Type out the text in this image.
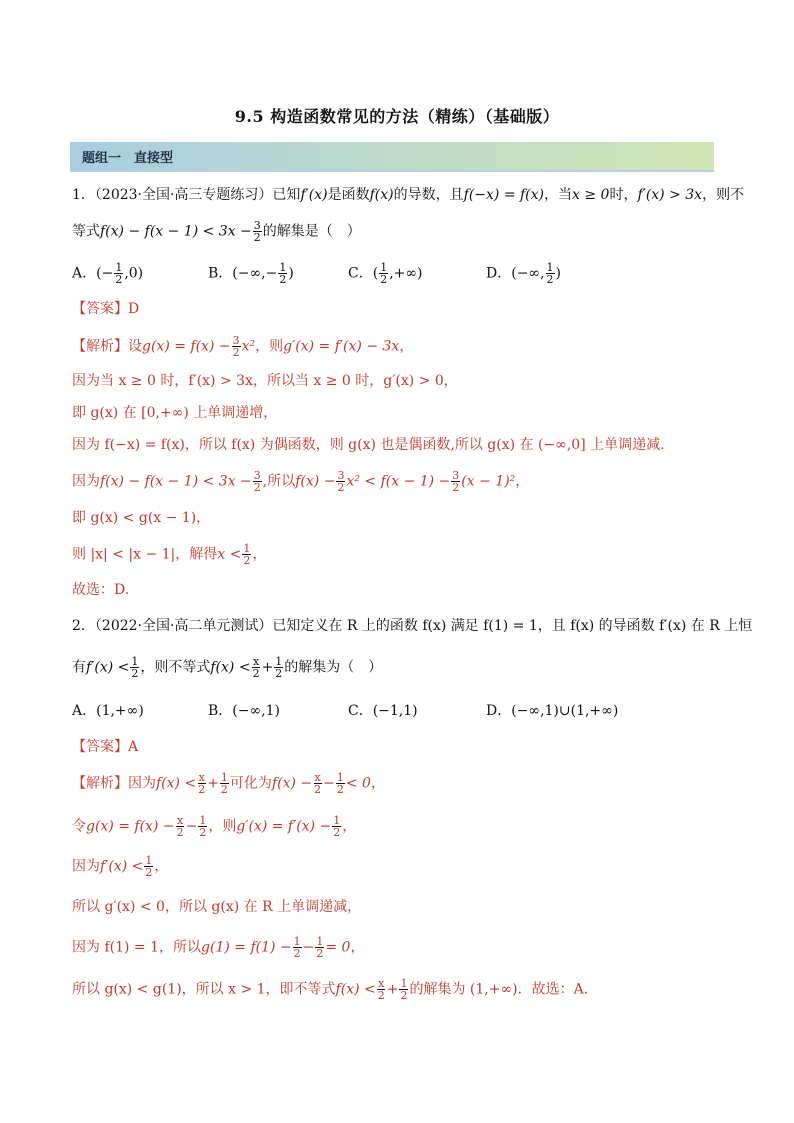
9.5 构造函数常见的方法（精练）（基础版）
题组一　直接型
1．（2023·全国·高三专题练习）已知f′(x)是函数f(x)的导数，且f(−x) = f(x)，当x ≥ 0时，f′(x) > 3x，则不
等式$f(x) - f(x - 1) < 3x - \frac{3}{2}$ 的解集是（　）
A．(− $\frac{1}{2} ,0$)	B．(−∞,− $\frac{1}{2}$ )	C．( $\frac{1}{2}$ ,+∞)	D．(−∞, $\frac{1}{2}$ )
【答案】D
【解析】设$g(x) = f(x) - \frac{3}{2} x^2$，则g′(x) = f′(x) − 3x，
因为当 x ≥ 0 时，f′(x) > 3x，所以当 x ≥ 0 时，g′(x) > 0，
即 g(x) 在 [0,+∞) 上单调递增，
因为 f(−x) = f(x)，所以 f(x) 为偶函数，则 g(x) 也是偶函数,所以 g(x) 在 (−∞,0] 上单调递减.
因为$f(x) - f(x - 1) < 3x - \frac{3}{2}$ ,所以$f(x) - \frac{3}{2} x^2 < f(x - 1) - \frac{3}{2} (x - 1)^2$，
即 g(x) < g(x − 1)，
则 |x| < |x − 1|，解得$x < \frac{1}{2}$ ，
故选：D.
2．（2022·全国·高二单元测试）已知定义在 R 上的函数 f(x) 满足 f(1) = 1，且 f(x) 的导函数 f′(x) 在 R 上恒
有$f'(x) < \frac{1}{2}$ ，则不等式$f(x) < \frac{x}{2} + \frac{1}{2}$ 的解集为（　）
A．(1,+∞)	B．(−∞,1)	C．(−1,1)	D．(−∞,1)∪(1,+∞)
【答案】A
【解析】因为$f(x) < \frac{x}{2} + \frac{1}{2}$ 可化为$f(x) - \frac{x}{2} - \frac{1}{2} < 0$，
令$g(x) = f(x) - \frac{x}{2} - \frac{1}{2}$ ，则$g'(x) = f'(x) - \frac{1}{2}$ ，
因为$f'(x) < \frac{1}{2}$ ，
所以 g′(x) < 0，所以 g(x) 在 R 上单调递减，
因为 f(1) = 1，所以$g(1) = f(1) - \frac{1}{2} - \frac{1}{2} = 0$，
所以 g(x) < g(1)，所以 x > 1，即不等式$f(x) < \frac{x}{2} + \frac{1}{2}$ 的解集为 (1,+∞)．故选：A．
